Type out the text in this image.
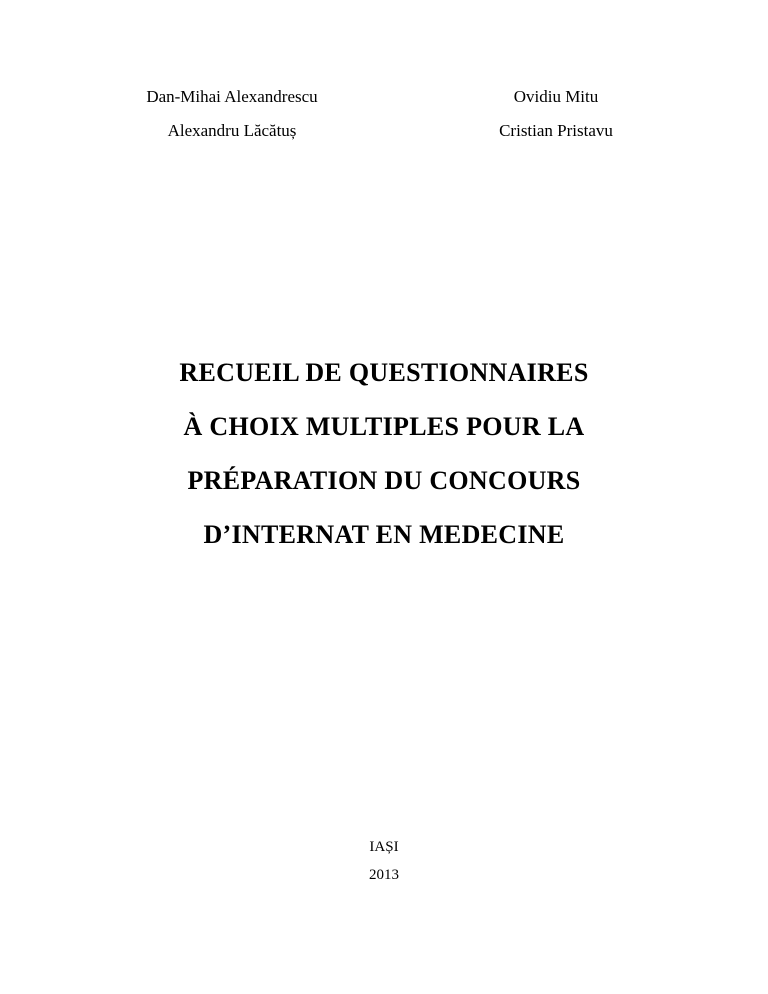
Dan-Mihai Alexandrescu
Alexandru Lăcătuș
Ovidiu Mitu
Cristian Pristavu
RECUEIL DE QUESTIONNAIRES
À CHOIX MULTIPLES POUR LA
PRÉPARATION DU CONCOURS
D’INTERNAT EN MEDECINE
IAȘI
2013
